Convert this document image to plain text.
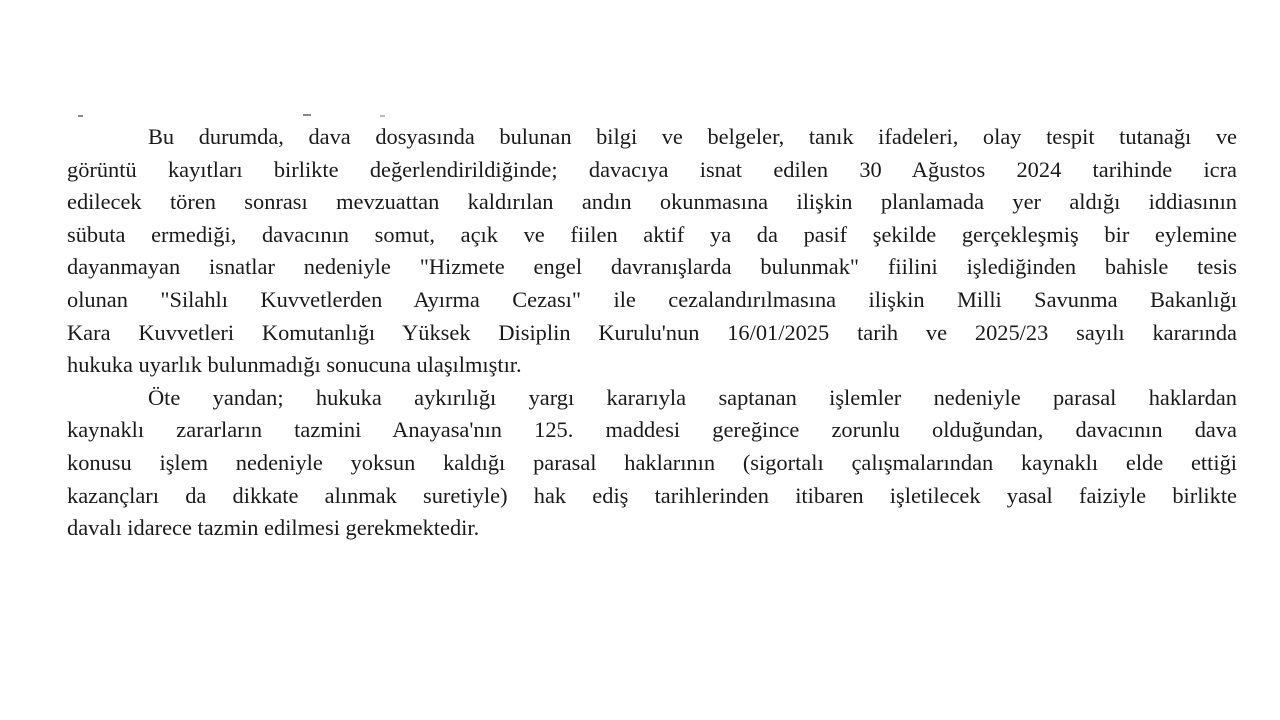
Bu durumda, dava dosyasında bulunan bilgi ve belgeler, tanık ifadeleri, olay tespit tutanağı ve
görüntü kayıtları birlikte değerlendirildiğinde; davacıya isnat edilen 30 Ağustos 2024 tarihinde icra
edilecek tören sonrası mevzuattan kaldırılan andın okunmasına ilişkin planlamada yer aldığı iddiasının
sübuta ermediği, davacının somut, açık ve fiilen aktif ya da pasif şekilde gerçekleşmiş bir eylemine
dayanmayan isnatlar nedeniyle "Hizmete engel davranışlarda bulunmak" fiilini işlediğinden bahisle tesis
olunan "Silahlı Kuvvetlerden Ayırma Cezası" ile cezalandırılmasına ilişkin Milli Savunma Bakanlığı
Kara Kuvvetleri Komutanlığı Yüksek Disiplin Kurulu'nun 16/01/2025 tarih ve 2025/23 sayılı kararında
hukuka uyarlık bulunmadığı sonucuna ulaşılmıştır.
Öte yandan; hukuka aykırılığı yargı kararıyla saptanan işlemler nedeniyle parasal haklardan
kaynaklı zararların tazmini Anayasa'nın 125. maddesi gereğince zorunlu olduğundan, davacının dava
konusu işlem nedeniyle yoksun kaldığı parasal haklarının (sigortalı çalışmalarından kaynaklı elde ettiği
kazançları da dikkate alınmak suretiyle) hak ediş tarihlerinden itibaren işletilecek yasal faiziyle birlikte
davalı idarece tazmin edilmesi gerekmektedir.
